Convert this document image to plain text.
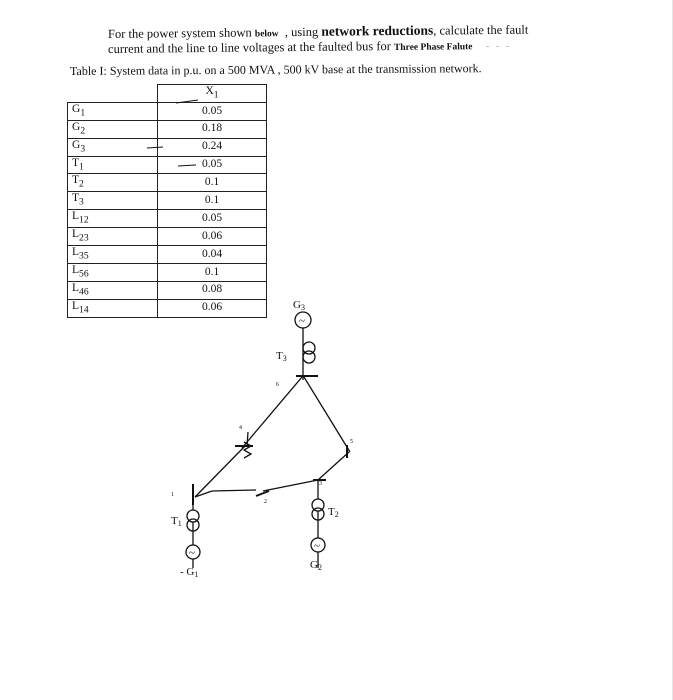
For the power system shown below , using network reductions, calculate the fault
current and the line to line voltages at the faulted bus for Three Phase Falute   - - -
Table I: System data in p.u. on a 500 MVA , 500 kV base at the transmission network.
	$X_1$
$G_1$	0.05
$G_2$	0.18
$G_3$	0.24
$T_1$	0.05
$T_2$	0.1
$T_3$	0.1
$L_{12}$	0.05
$L_{23}$	0.06
$L_{35}$	0.04
$L_{56}$	0.1
$L_{46}$	0.08
$L_{14}$	0.06
~
~
~
G3
T3
T1
T2
- G1
G2
1
2
3
4
5
6
